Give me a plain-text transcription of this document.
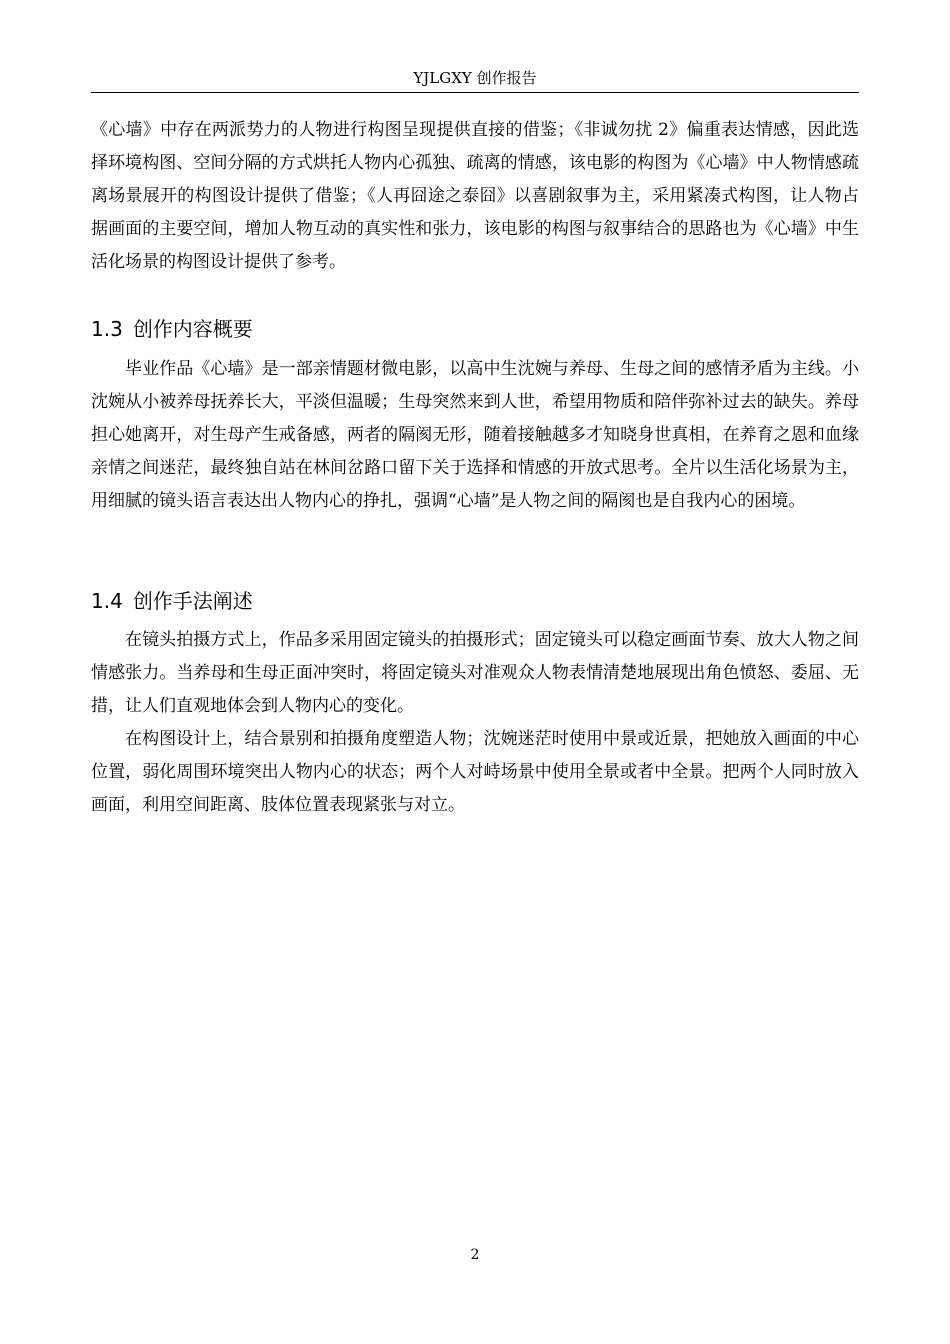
YJLGXY 创作报告

《心墙》中存在两派势力的人物进行构图呈现提供直接的借鉴；《非诚勿扰 2》偏重表达情感，因此选择环境构图、空间分隔的方式烘托人物内心孤独、疏离的情感，该电影的构图为《心墙》中人物情感疏离场景展开的构图设计提供了借鉴；《人再囧途之泰囧》以喜剧叙事为主，采用紧凑式构图，让人物占据画面的主要空间，增加人物互动的真实性和张力，该电影的构图与叙事结合的思路也为《心墙》中生活化场景的构图设计提供了参考。

1.3 创作内容概要

毕业作品《心墙》是一部亲情题材微电影，以高中生沈婉与养母、生母之间的感情矛盾为主线。小沈婉从小被养母抚养长大，平淡但温暖；生母突然来到人世，希望用物质和陪伴弥补过去的缺失。养母担心她离开，对生母产生戒备感，两者的隔阂无形，随着接触越多才知晓身世真相，在养育之恩和血缘亲情之间迷茫，最终独自站在林间岔路口留下关于选择和情感的开放式思考。全片以生活化场景为主，用细腻的镜头语言表达出人物内心的挣扎，强调“心墙”是人物之间的隔阂也是自我内心的困境。

1.4 创作手法阐述

在镜头拍摄方式上，作品多采用固定镜头的拍摄形式；固定镜头可以稳定画面节奏、放大人物之间情感张力。当养母和生母正面冲突时，将固定镜头对准观众人物表情清楚地展现出角色愤怒、委屈、无措，让人们直观地体会到人物内心的变化。

在构图设计上，结合景别和拍摄角度塑造人物；沈婉迷茫时使用中景或近景，把她放入画面的中心位置，弱化周围环境突出人物内心的状态；两个人对峙场景中使用全景或者中全景。把两个人同时放入画面，利用空间距离、肢体位置表现紧张与对立。

2
